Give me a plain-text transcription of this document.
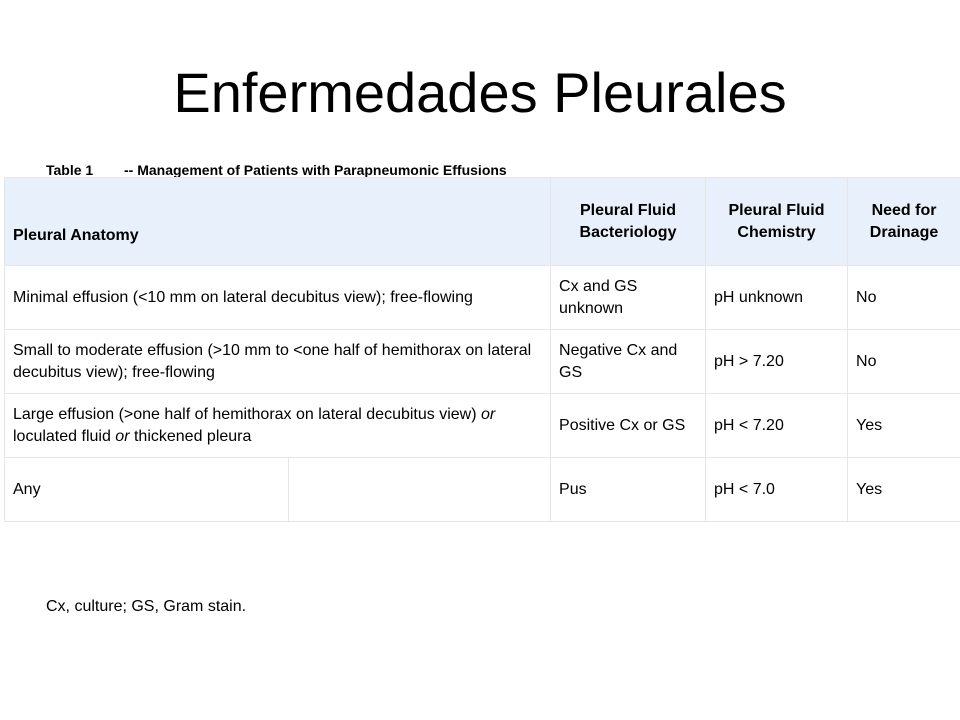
Enfermedades Pleurales
Table 1 -- Management of Patients with Parapneumonic Effusions
Pleural Anatomy		Pleural Fluid Bacteriology	Pleural Fluid Chemistry	Need for Drainage
Minimal effusion (<10 mm on lateral decubitus view); free-flowing		Cx and GS unknown	pH unknown	No
Small to moderate effusion (>10 mm to <one half of hemithorax on lateral decubitus view); free-flowing		Negative Cx and GS	pH > 7.20	No
Large effusion (>one half of hemithorax on lateral decubitus view) or loculated fluid or thickened pleura		Positive Cx or GS	pH < 7.20	Yes
Any		Pus	pH < 7.0	Yes
Cx, culture; GS, Gram stain.
